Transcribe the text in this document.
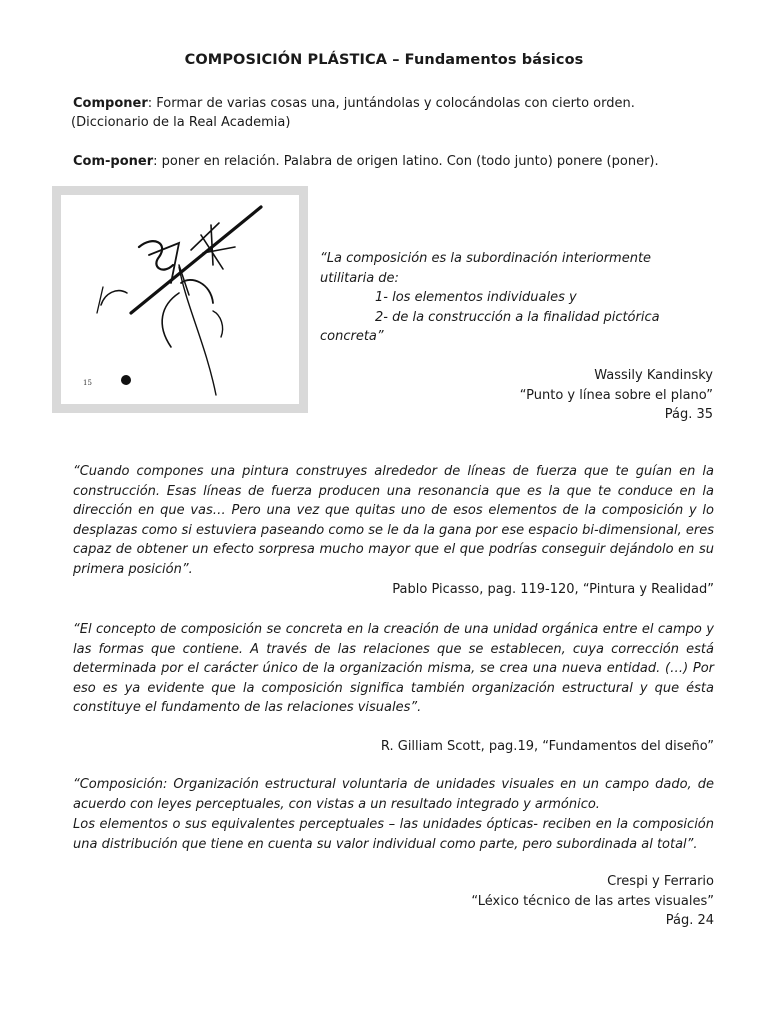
COMPOSICIÓN PLÁSTICA – Fundamentos básicos
Componer: Formar de varias cosas una, juntándolas y colocándolas con cierto orden.
(Diccionario de la Real Academia)
Com-poner: poner en relación. Palabra de origen latino. Con (todo junto) ponere (poner).
15
“La composición es la subordinación interiormente
utilitaria de:
1- los elementos individuales y
2- de la construcción a la finalidad pictórica
concreta”
Wassily Kandinsky
“Punto y línea sobre el plano”
Pág. 35
“Cuando compones una pintura construyes alrededor de líneas de fuerza que te guían en la construcción. Esas líneas de fuerza producen una resonancia que es la que te conduce en la dirección en que vas… Pero una vez que quitas uno de esos elementos de la composición y lo desplazas como si estuviera paseando como se le da la gana por ese espacio bi-dimensional, eres capaz de obtener un efecto sorpresa mucho mayor que el que podrías conseguir dejándolo en su primera posición”.
Pablo Picasso, pag. 119-120, “Pintura y Realidad”
“El concepto de composición se concreta en la creación de una unidad orgánica entre el campo y las formas que contiene. A través de las relaciones que se establecen, cuya corrección está determinada por el carácter único de la organización misma, se crea una nueva entidad. (…) Por eso es ya evidente que la composición significa también organización estructural y que ésta constituye el fundamento de las relaciones visuales”.
R. Gilliam Scott, pag.19, “Fundamentos del diseño”
“Composición: Organización estructural voluntaria de unidades visuales en un campo dado, de acuerdo con leyes perceptuales, con vistas a un resultado integrado y armónico.
Los elementos o sus equivalentes perceptuales – las unidades ópticas- reciben en la composición una distribución que tiene en cuenta su valor individual como parte, pero subordinada al total”.
Crespi y Ferrario
“Léxico técnico de las artes visuales”
Pág. 24
